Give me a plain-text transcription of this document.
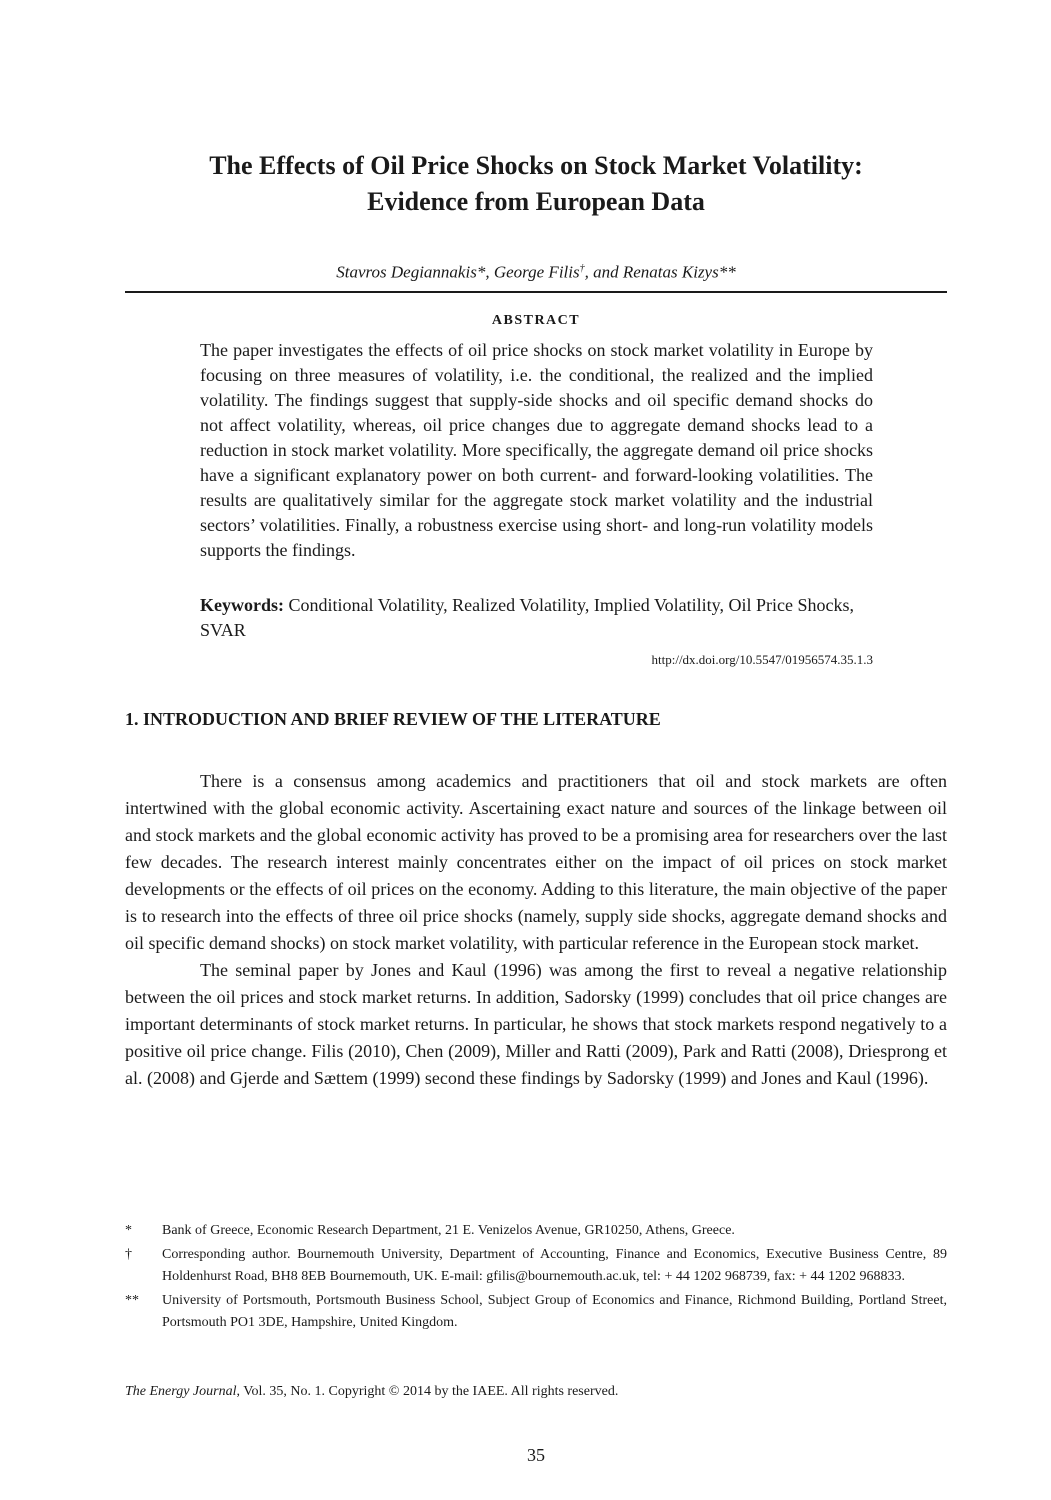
The Effects of Oil Price Shocks on Stock Market Volatility:
Evidence from European Data
Stavros Degiannakis*, George Filis†, and Renatas Kizys**
ABSTRACT

The paper investigates the effects of oil price shocks on stock market volatility in Europe by focusing on three measures of volatility, i.e. the conditional, the realized and the implied volatility. The findings suggest that supply-side shocks and oil specific demand shocks do not affect volatility, whereas, oil price changes due to aggregate demand shocks lead to a reduction in stock market volatility. More specifically, the aggregate demand oil price shocks have a significant explanatory power on both current- and forward-looking volatilities. The results are qualitatively similar for the aggregate stock market volatility and the industrial sectors’ volatilities. Finally, a robustness exercise using short- and long-run volatility models supports the findings.

Keywords: Conditional Volatility, Realized Volatility, Implied Volatility, Oil Price Shocks, SVAR

http://dx.doi.org/10.5547/01956574.35.1.3
1. INTRODUCTION AND BRIEF REVIEW OF THE LITERATURE

There is a consensus among academics and practitioners that oil and stock markets are often intertwined with the global economic activity. Ascertaining exact nature and sources of the linkage between oil and stock markets and the global economic activity has proved to be a promising area for researchers over the last few decades. The research interest mainly concentrates either on the impact of oil prices on stock market developments or the effects of oil prices on the economy. Adding to this literature, the main objective of the paper is to research into the effects of three oil price shocks (namely, supply side shocks, aggregate demand shocks and oil specific demand shocks) on stock market volatility, with particular reference in the European stock market.

The seminal paper by Jones and Kaul (1996) was among the first to reveal a negative relationship between the oil prices and stock market returns. In addition, Sadorsky (1999) concludes that oil price changes are important determinants of stock market returns. In particular, he shows that stock markets respond negatively to a positive oil price change. Filis (2010), Chen (2009), Miller and Ratti (2009), Park and Ratti (2008), Driesprong et al. (2008) and Gjerde and Sættem (1999) second these findings by Sadorsky (1999) and Jones and Kaul (1996).

* Bank of Greece, Economic Research Department, 21 E. Venizelos Avenue, GR10250, Athens, Greece.
† Corresponding author. Bournemouth University, Department of Accounting, Finance and Economics, Executive Business Centre, 89 Holdenhurst Road, BH8 8EB Bournemouth, UK. E-mail: gfilis@bournemouth.ac.uk, tel: + 44 1202 968739, fax: + 44 1202 968833.
** University of Portsmouth, Portsmouth Business School, Subject Group of Economics and Finance, Richmond Building, Portland Street, Portsmouth PO1 3DE, Hampshire, United Kingdom.
The Energy Journal, Vol. 35, No. 1. Copyright © 2014 by the IAEE. All rights reserved.
35
